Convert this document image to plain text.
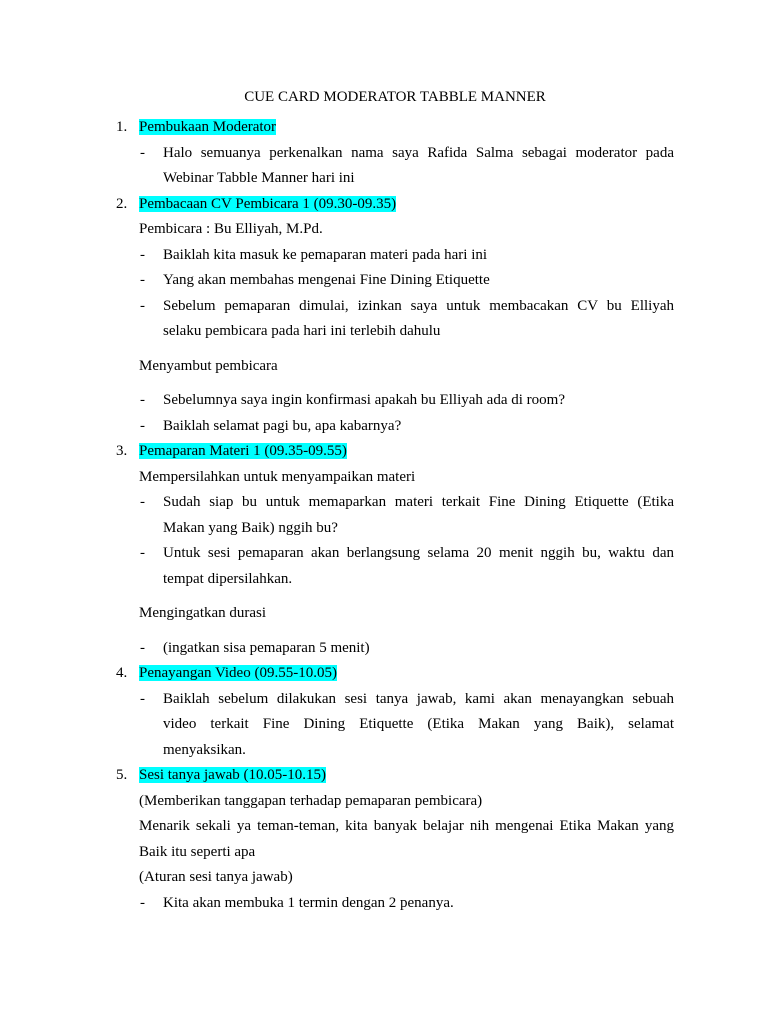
CUE CARD MODERATOR TABBLE MANNER
1. Pembukaan Moderator
- Halo semuanya perkenalkan nama saya Rafida Salma sebagai moderator pada
Webinar Tabble Manner hari ini
2. Pembacaan CV Pembicara 1 (09.30-09.35)
Pembicara : Bu Elliyah, M.Pd.
- Baiklah kita masuk ke pemaparan materi pada hari ini
- Yang akan membahas mengenai Fine Dining Etiquette
- Sebelum pemaparan dimulai, izinkan saya untuk membacakan CV bu Elliyah
selaku pembicara pada hari ini terlebih dahulu
Menyambut pembicara
- Sebelumnya saya ingin konfirmasi apakah bu Elliyah ada di room?
- Baiklah selamat pagi bu, apa kabarnya?
3. Pemaparan Materi 1 (09.35-09.55)
Mempersilahkan untuk menyampaikan materi
- Sudah siap bu untuk memaparkan materi terkait Fine Dining Etiquette (Etika
Makan yang Baik) nggih bu?
- Untuk sesi pemaparan akan berlangsung selama 20 menit nggih bu, waktu dan
tempat dipersilahkan.
Mengingatkan durasi
- (ingatkan sisa pemaparan 5 menit)
4. Penayangan Video (09.55-10.05)
- Baiklah sebelum dilakukan sesi tanya jawab, kami akan menayangkan sebuah
video terkait Fine Dining Etiquette (Etika Makan yang Baik), selamat
menyaksikan.
5. Sesi tanya jawab (10.05-10.15)
(Memberikan tanggapan terhadap pemaparan pembicara)
Menarik sekali ya teman-teman, kita banyak belajar nih mengenai Etika Makan yang
Baik itu seperti apa
(Aturan sesi tanya jawab)
- Kita akan membuka 1 termin dengan 2 penanya.
